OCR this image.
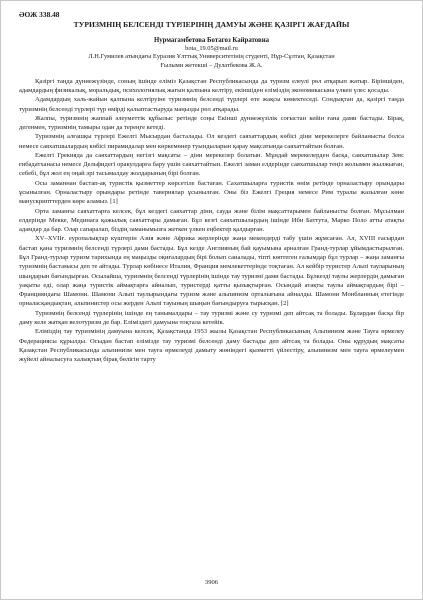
ӘОЖ 338.48
ТУРИЗМНІҢ БЕЛСЕНДІ ТҮРЛЕРІНІҢ ДАМУЫ ЖӘНЕ ҚАЗІРГІ ЖАҒДАЙЫ
Нурмагамбетова Ботагоз Кайратовна
bota_19.05@mail.ru
Л.Н.Гумилев атындағы Еуразия Ұлттық Университетінің студенті, Нұр-Сұлтан, Қазақстан
Ғылыми жетекші – Дулатбекова Ж.А.

Қазіргі таңда дүниежүзінде, соның ішінде еліміз Қазақстан Республикасында да туризм елеулі рөл атқарып жатыр. Біріншіден, адамдардың физикалық, моральдық, психологиялық жағын қалпына келтіру, екіншіден еліміздің экономикасына үлкен үлес қосады.

Адамдардың халь-жайын қалпына келтіруіне туризмнің белсенді түрлері өте жақсы көмектеседі. Сондықтан да, қазіргі таңда туризмнің белсенді түрлері түр өмірді қалыптастыруда маңызды рөл атқарады.

Жалпы, туризмнің жаппай әлеуметтік құбылыс ретінде соңы Екінші дүниежүзілік соғыстан кейін ғана дами бастады. Бірақ, дегенмен, туризмнің тамыры одан да тереңге кетеді.

Туризмнің алғашқы түрлері Ежелгі Мысырдан басталады. Ол кездегі саяхаттардың көбісі діни мерекелерге байланысты болса немесе саяхатшылардың көбісі пирамидалар мен көркемөнер туындыларын қарау мақсатында саяхаттайтын болған.

Ежелгі Грекияда да саяхаттардың негізгі мақсаты – діни мерекелер болатын. Мұндай мерекелерден басқа, саяхатшылар Зевс ғибадатханасы немесе Дельфидегі оракулдарға бару үшін саяхаттайтын. Ежелгі заман елдерінде саяхатшылар теңіз жолымен жылжыған, себебі, бұл жол ең оңай әрі тасымалдау жолдарының бірі болған.

Осы заманнан бастап-ақ туристік қызметтер көрсетіле бастаған. Сахатшыларға туристік өнім ретінде орналастыру орындары ұсынылған. Орналастыру орындары ретінде тавернялар ұсынылған. Оны біз Ежелгі Греция немесе Рим туралы жазылған көне манускрипттерден көре аламыз. [1]

Орта заманғы саяхаттарға келсек, бұл кездегі саяхаттар діни, сауда және білім мақсаттарымен байланысты болған. Мұсылман елдерінде Мекке, Мединага қажылық саяхаттары дамыған. Бұл кезгі саяхатшылардың ішінде Ибн Баттута, Марко Поло атты атақты адамдар да бар. Олар сапаралап, біздің заманымызға жеткен үлкен еңбектер қалдырған.

XV–XVІІғ. еуропалықтар күштерін Азия және Африка жерлерінде жаңа мекендерді табу үшін жұмсаған. Ал, XVIII ғасырдан бастап қана туризмнің белсенді түрлері дами бастады. Бұл кезде Англияның бай қауымына арналған Гранд-турлар ұйымдастырылған. Бұл Гранд-турлар туризм тарихында ең маңызды оқиғалардың бірі болып саналады, тіпті көптеген ғалымдар бұл турлар – жаңа заманғы туризмнің бастамасы деп те айтады. Турлар көбінесе Италия, Франция мемлекеттерінде тоқтаған. Ал кейбір туристер Альпі тауларының шыңдарын бағындырған. Осылайша, туризмнің белсенді түрлерінің ішінде тау туризмі дами бастады. Бұлкезді таулы жерлердің дамыған уақыты еді, олар жаңа туристік аймақтарға айналып, туристерді қатты қызықтырған. Осындай атақты таулы аймақтардың бірі – Францияндағы Шамони. Шамони Альпі таулырындағы туризм және альпинизм орталығына айналды. Шамони Монбланның етегінде орналасқандықтан, альпинистер осы жерден Альпі тауының шыңын бағындыруға тырысқан. [2]

Туризмнің белсенді түрлерінің ішінде ең танымалдары – тау туризмі және су туризмі деп айтсақ та болады. Бұлардан басқа бір даму келе жатқан велотуризм де бар. Еліміздегі дамуына тоқтала кетейік.

Еліміздің тау туризмінің дамуына келсек, Қазақстанда 1953 жылы Қазақстан Республикасының Альпинизм және Тауға өрмелеу Федерациясы құрылды. Осыдан бастап елімізде тау туризмі белсенді даму бастады деп айтсақ та болады. Оны құрудың мақсаты Қазақстан Республикасында альпинизм мен тауға өрмелеуді дамыту жөніндегі қызметті үйлестіру, альпинизм мен тауға өрмелеумен жүйелі айналысуға халықтың бірақ бөлігін тарту

3906
